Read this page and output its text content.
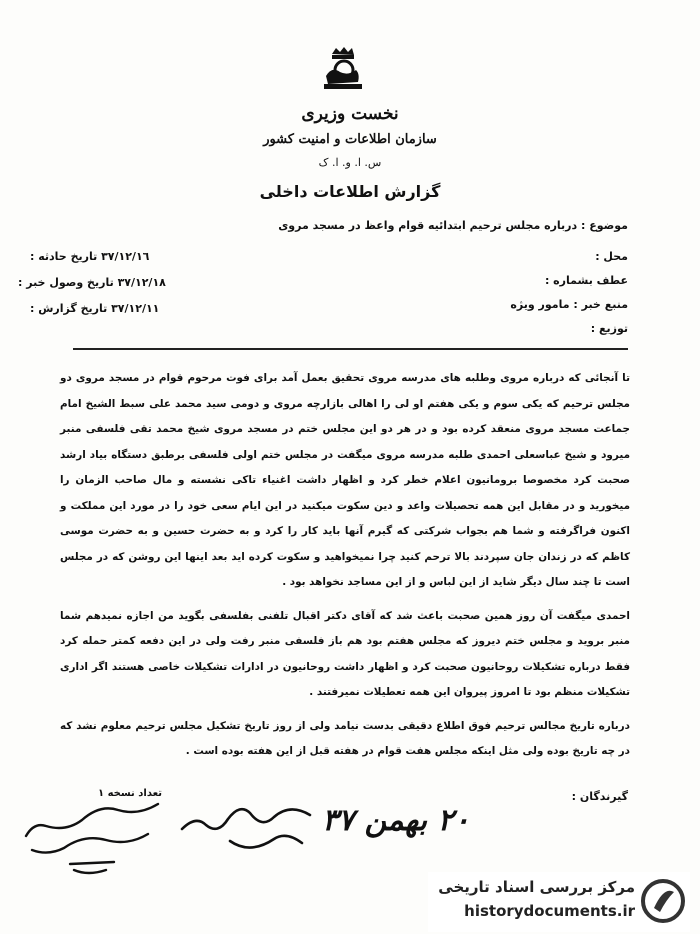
نخست وزیری
سازمان اطلاعات و امنیت کشور
س. ا. و. ا. ک
گزارش اطلاعات داخلی
موضوع : درباره مجلس ترحیم ابتدائیه قوام واعظ در مسجد مروی
محل :
عطف بشماره :
منبع خبر : مامور ویژه
توزیع :
٣٧/١٢/١٦ تاریخ حادثه :
٣٧/١٢/١٨ تاریخ وصول خبر :
٣٧/١٢/١١ تاریخ گزارش :

تا آنجائی که درباره مروی وطلبه های مدرسه مروی تحقیق بعمل آمد برای فوت مرحوم قوام در مسجد مروی دو مجلس ترحیم که یکی سوم و یکی هفتم او لی را اهالی بازارچه مروی و دومی سید محمد علی سبط الشیخ امام جماعت مسجد مروی منعقد کرده بود و در هر دو این مجلس ختم در مسجد مروی شیخ محمد تقی فلسفی منبر میرود و شیخ عباسعلی احمدی طلبه مدرسه مروی میگفت در مجلس ختم اولی فلسفی برطبق دستگاه بیاد ارشد صحبت کرد مخصوصا برومانیون اعلام خطر کرد و اظهار داشت اغنیاء تاکی نشسته و مال صاحب الزمان را میخورید و در مقابل این همه تحصیلات واعد و دین سکوت میکنید در این ایام سعی خود را در مورد این مملکت و اکنون فراگرفته و شما هم بجواب شرکتی که گیرم آنها باید کار را کرد و به حضرت حسین و به حضرت موسی کاظم که در زندان جان سپردند بالا ترحم کنید چرا نمیخواهید و سکوت کرده اید بعد اینها این روشن که در مجلس است تا چند سال دیگر شاید از این لباس و از این مساجد نخواهد بود .

احمدی میگفت آن روز همین صحبت باعث شد که آقای دکتر اقبال تلفنی بفلسفی بگوید من اجازه نمیدهم شما منبر بروید و مجلس ختم دیروز که مجلس هفتم بود هم باز فلسفی منبر رفت ولی در این دفعه کمتر حمله کرد فقط درباره تشکیلات روحانیون صحبت کرد و اظهار داشت روحانیون در ادارات تشکیلات خاصی هستند اگر اداری تشکیلات منظم بود تا امروز پیروان این همه تعطیلات نمیرفتند .

درباره تاریخ مجالس ترحیم فوق اطلاع دقیقی بدست نیامد ولی از روز تاریخ تشکیل مجلس ترحیم معلوم نشد که در چه تاریخ بوده ولی مثل اینکه مجلس هفت قوام در هفته قبل از این هفته بوده است .

گیرندگان :
تعداد نسخه ١
۲۰ بهمن ۳۷
مرکز بررسی اسناد تاریخی
historydocuments.ir
